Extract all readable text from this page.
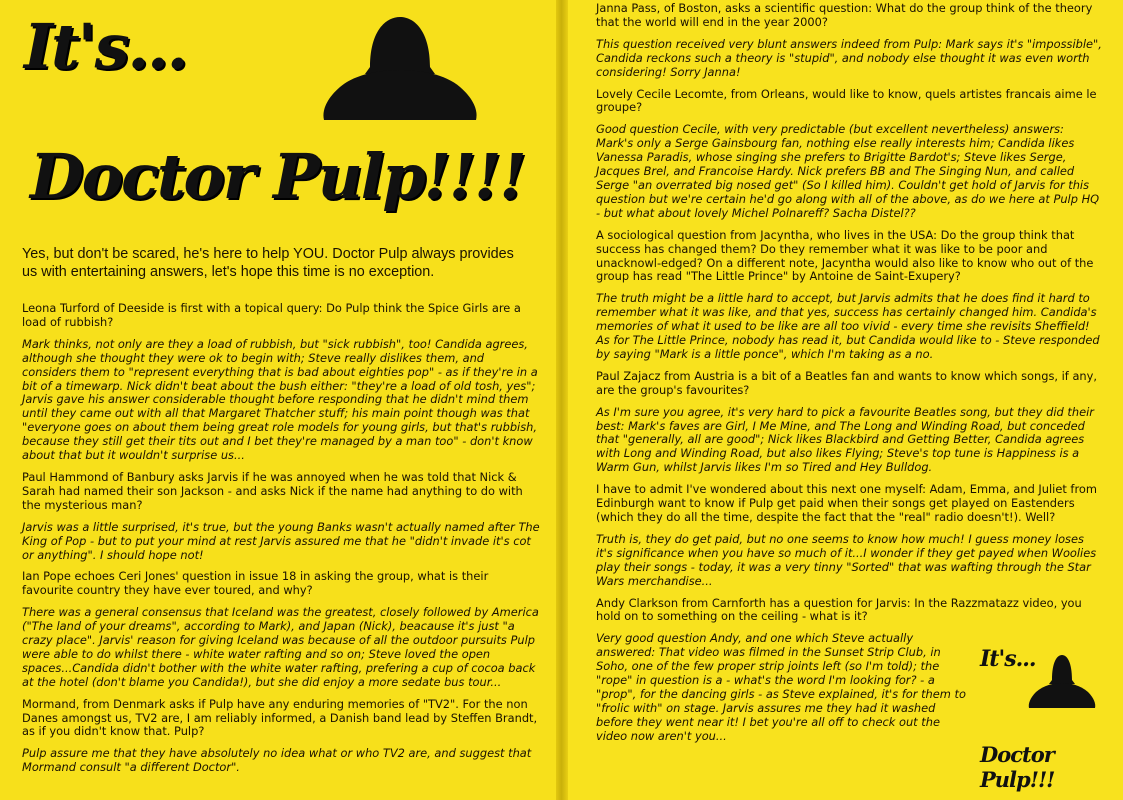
It's...
Doctor Pulp!!!!
Yes, but don't be scared, he's here to help YOU. Doctor Pulp always provides us with entertaining answers, let's hope this time is no exception.

Leona Turford of Deeside is first with a topical query: Do Pulp think the Spice Girls are a load of rubbish?

Mark thinks, not only are they a load of rubbish, but "sick rubbish", too! Candida agrees, although she thought they were ok to begin with; Steve really dislikes them, and considers them to "represent everything that is bad about eighties pop" - as if they're in a bit of a timewarp. Nick didn't beat about the bush either: "they're a load of old tosh, yes"; Jarvis gave his answer considerable thought before responding that he didn't mind them until they came out with all that Margaret Thatcher stuff; his main point though was that "everyone goes on about them being great role models for young girls, but that's rubbish, because they still get their tits out and I bet they're managed by a man too" - don't know about that but it wouldn't surprise us...

Paul Hammond of Banbury asks Jarvis if he was annoyed when he was told that Nick & Sarah had named their son Jackson - and asks Nick if the name had anything to do with the mysterious man?

Jarvis was a little surprised, it's true, but the young Banks wasn't actually named after The King of Pop - but to put your mind at rest Jarvis assured me that he "didn't invade it's cot or anything". I should hope not!

Ian Pope echoes Ceri Jones' question in issue 18 in asking the group, what is their favourite country they have ever toured, and why?

There was a general consensus that Iceland was the greatest, closely followed by America ("The land of your dreams", according to Mark), and Japan (Nick), beacause it's just "a crazy place". Jarvis' reason for giving Iceland was because of all the outdoor pursuits Pulp were able to do whilst there - white water rafting and so on; Steve loved the open spaces...Candida didn't bother with the white water rafting, prefering a cup of cocoa back at the hotel (don't blame you Candida!), but she did enjoy a more sedate bus tour...

Mormand, from Denmark asks if Pulp have any enduring memories of "TV2". For the non Danes amongst us, TV2 are, I am reliably informed, a Danish band lead by Steffen Brandt, as if you didn't know that. Pulp?

Pulp assure me that they have absolutely no idea what or who TV2 are, and suggest that Mormand consult "a different Doctor".

Janna Pass, of Boston, asks a scientific question: What do the group think of the theory that the world will end in the year 2000?

This question received very blunt answers indeed from Pulp: Mark says it's "impossible", Candida reckons such a theory is "stupid", and nobody else thought it was even worth considering! Sorry Janna!

Lovely Cecile Lecomte, from Orleans, would like to know, quels artistes francais aime le groupe?

Good question Cecile, with very predictable (but excellent nevertheless) answers: Mark's only a Serge Gainsbourg fan, nothing else really interests him; Candida likes Vanessa Paradis, whose singing she prefers to Brigitte Bardot's; Steve likes Serge, Jacques Brel, and Francoise Hardy. Nick prefers BB and The Singing Nun, and called Serge "an overrated big nosed get" (So I killed him). Couldn't get hold of Jarvis for this question but we're certain he'd go along with all of the above, as do we here at Pulp HQ - but what about lovely Michel Polnareff? Sacha Distel??

A sociological question from Jacyntha, who lives in the USA: Do the group think that success has changed them? Do they remember what it was like to be poor and unacknowl-edged? On a different note, Jacyntha would also like to know who out of the group has read "The Little Prince" by Antoine de Saint-Exupery?

The truth might be a little hard to accept, but Jarvis admits that he does find it hard to remember what it was like, and that yes, success has certainly changed him. Candida's memories of what it used to be like are all too vivid - every time she revisits Sheffield! As for The Little Prince, nobody has read it, but Candida would like to - Steve responded by saying "Mark is a little ponce", which I'm taking as a no.

Paul Zajacz from Austria is a bit of a Beatles fan and wants to know which songs, if any, are the group's favourites?

As I'm sure you agree, it's very hard to pick a favourite Beatles song, but they did their best: Mark's faves are Girl, I Me Mine, and The Long and Winding Road, but conceded that "generally, all are good"; Nick likes Blackbird and Getting Better, Candida agrees with Long and Winding Road, but also likes Flying; Steve's top tune is Happiness is a Warm Gun, whilst Jarvis likes I'm so Tired and Hey Bulldog.

I have to admit I've wondered about this next one myself: Adam, Emma, and Juliet from Edinburgh want to know if Pulp get paid when their songs get played on Eastenders (which they do all the time, despite the fact that the "real" radio doesn't!). Well?

Truth is, they do get paid, but no one seems to know how much! I guess money loses it's significance when you have so much of it...I wonder if they get payed when Woolies play their songs - today, it was a very tinny "Sorted" that was wafting through the Star Wars merchandise...

Andy Clarkson from Carnforth has a question for Jarvis: In the Razzmatazz video, you hold on to something on the ceiling - what is it?

Very good question Andy, and one which Steve actually answered: That video was filmed in the Sunset Strip Club, in Soho, one of the few proper strip joints left (so I'm told); the "rope" in question is a - what's the word I'm looking for? - a "prop", for the dancing girls - as Steve explained, it's for them to "frolic with" on stage. Jarvis assures me they had it washed before they went near it! I bet you're all off to check out the video now aren't you...

It's...
Doctor Pulp!!!
